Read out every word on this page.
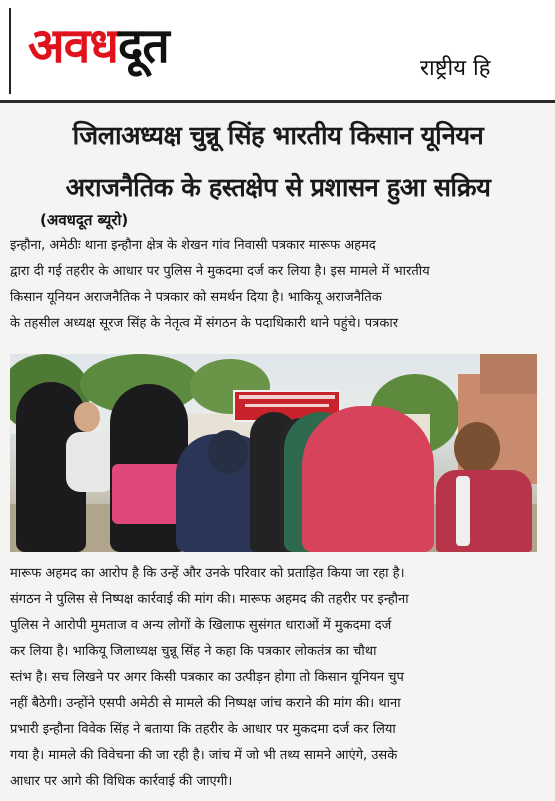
अवधदूत	राष्ट्रीय हि
जिलाअध्यक्ष चुन्नू सिंह भारतीय किसान यूनियन
अराजनैतिक के हस्तक्षेप से प्रशासन हुआ सक्रिय
(अवधदूत ब्यूरो)
इन्हौना, अमेठीः थाना इन्हौना क्षेत्र के शेखन गांव निवासी पत्रकार मारूफ अहमद
द्वारा दी गई तहरीर के आधार पर पुलिस ने मुकदमा दर्ज कर लिया है। इस मामले में भारतीय
किसान यूनियन अराजनैतिक ने पत्रकार को समर्थन दिया है। भाकियू अराजनैतिक
के तहसील अध्यक्ष सूरज सिंह के नेतृत्व में संगठन के पदाधिकारी थाने पहुंचे। पत्रकार
मारूफ अहमद का आरोप है कि उन्हें और उनके परिवार को प्रताड़ित किया जा रहा है।
संगठन ने पुलिस से निष्पक्ष कार्रवाई की मांग की। मारूफ अहमद की तहरीर पर इन्हौना
पुलिस ने आरोपी मुमताज व अन्य लोगों के खिलाफ सुसंगत धाराओं में मुकदमा दर्ज
कर लिया है। भाकियू जिलाध्यक्ष चुन्नू सिंह ने कहा कि पत्रकार लोकतंत्र का चौथा
स्तंभ है। सच लिखने पर अगर किसी पत्रकार का उत्पीड़न होगा तो किसान यूनियन चुप
नहीं बैठेगी। उन्होंने एसपी अमेठी से मामले की निष्पक्ष जांच कराने की मांग की। थाना
प्रभारी इन्हौना विवेक सिंह ने बताया कि तहरीर के आधार पर मुकदमा दर्ज कर लिया
गया है। मामले की विवेचना की जा रही है। जांच में जो भी तथ्य सामने आएंगे, उसके
आधार पर आगे की विधिक कार्रवाई की जाएगी।
